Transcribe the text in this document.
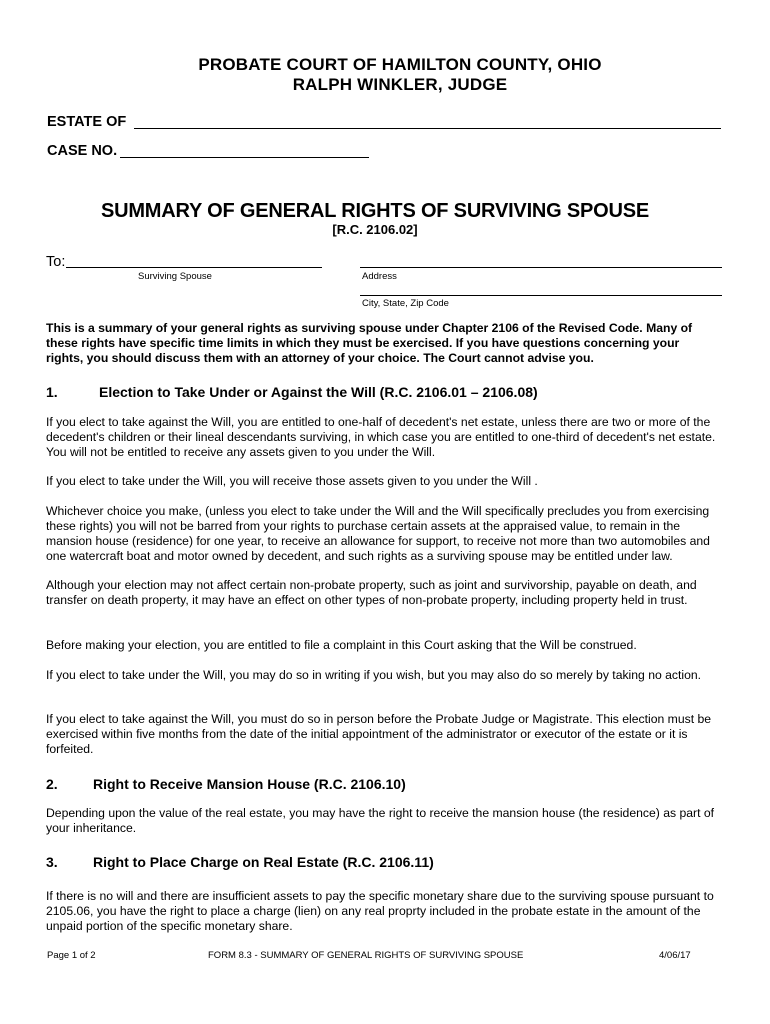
PROBATE COURT OF HAMILTON COUNTY, OHIO
RALPH WINKLER, JUDGE
ESTATE OF
CASE NO.
SUMMARY OF GENERAL RIGHTS OF SURVIVING SPOUSE
[R.C. 2106.02]
To:
Surviving Spouse	Address
City, State, Zip Code
This is a summary of your general rights as surviving spouse under Chapter 2106 of the Revised Code. Many of these rights have specific time limits in which they must be exercised. If you have questions concerning your rights, you should discuss them with an attorney of your choice. The Court cannot advise you.
1.	Election to Take Under or Against the Will (R.C. 2106.01 – 2106.08)
If you elect to take against the Will, you are entitled to one-half of decedent's net estate, unless there are two or more of the decedent's children or their lineal descendants surviving, in which case you are entitled to one-third of decedent's net estate. You will not be entitled to receive any assets given to you under the Will.
If you elect to take under the Will, you will receive those assets given to you under the Will .
Whichever choice you make, (unless you elect to take under the Will and the Will specifically precludes you from exercising these rights) you will not be barred from your rights to purchase certain assets at the appraised value, to remain in the mansion house (residence) for one year, to receive an allowance for support, to receive not more than two automobiles and one watercraft boat and motor owned by decedent, and such rights as a surviving spouse may be entitled under law.
Although your election may not affect certain non-probate property, such as joint and survivorship, payable on death, and transfer on death property, it may have an effect on other types of non-probate property, including property held in trust.
Before making your election, you are entitled to file a complaint in this Court asking that the Will be construed.
If you elect to take under the Will, you may do so in writing if you wish, but you may also do so merely by taking no action.
If you elect to take against the Will, you must do so in person before the Probate Judge or Magistrate. This election must be exercised within five months from the date of the initial appointment of the administrator or executor of the estate or it is forfeited.
2.	Right to Receive Mansion House (R.C. 2106.10)
Depending upon the value of the real estate, you may have the right to receive the mansion house (the residence) as part of your inheritance.
3.	Right to Place Charge on Real Estate (R.C. 2106.11)
If there is no will and there are insufficient assets to pay the specific monetary share due to the surviving spouse pursuant to 2105.06, you have the right to place a charge (lien) on any real proprty included in the probate estate in the amount of the unpaid portion of the specific monetary share.
Page 1 of 2	FORM 8.3 - SUMMARY OF GENERAL RIGHTS OF SURVIVING SPOUSE	4/06/17
